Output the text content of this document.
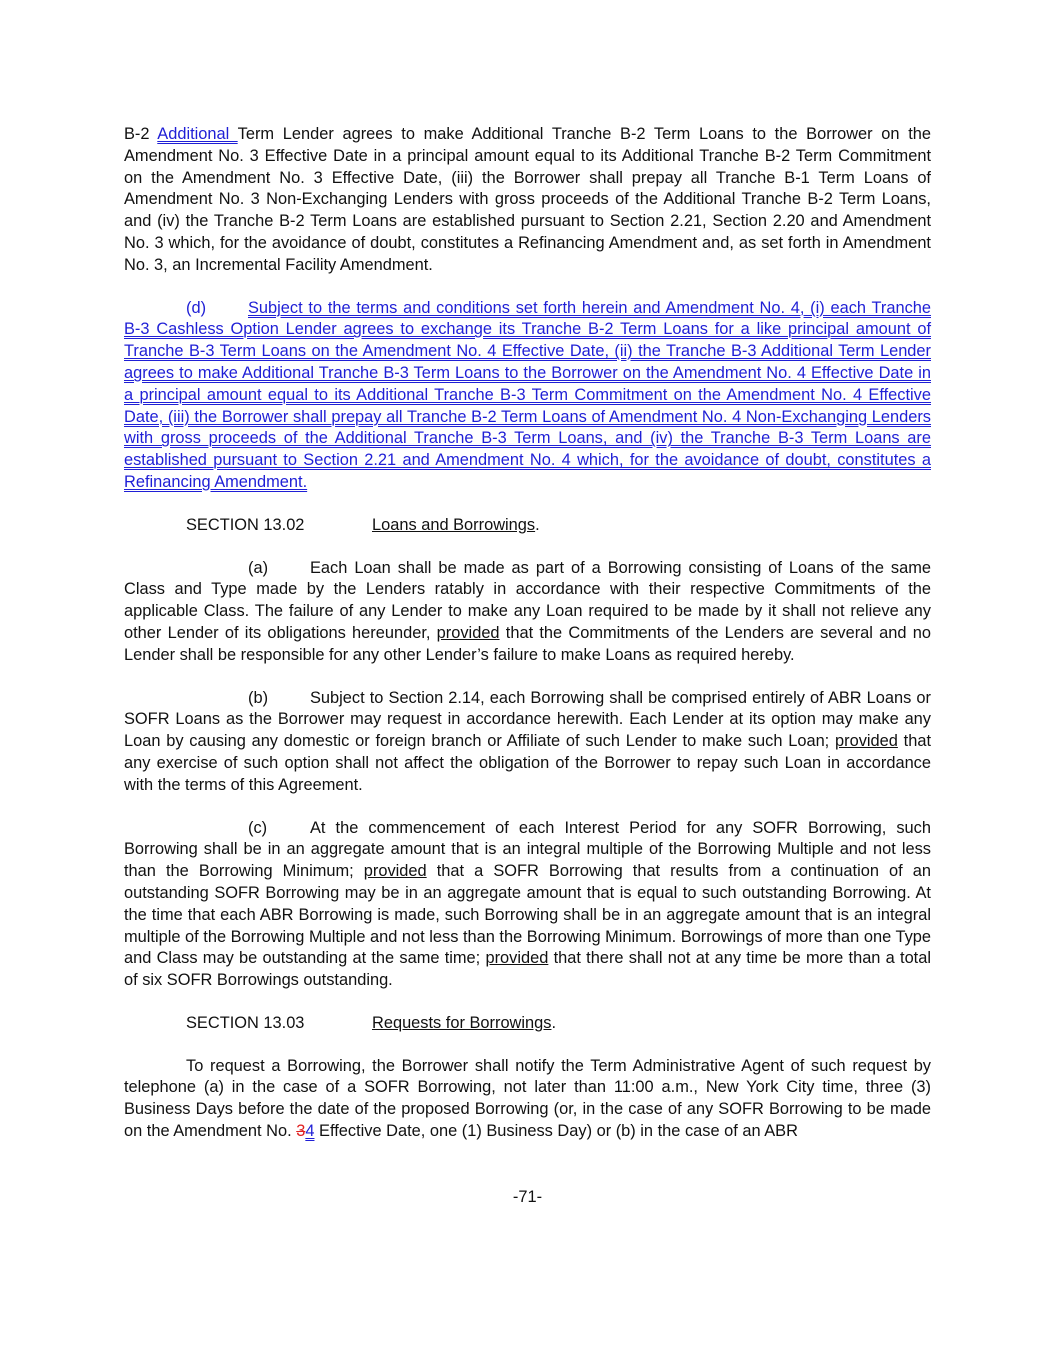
B-2 Additional Term Lender agrees to make Additional Tranche B-2 Term Loans to the Borrower on the Amendment No. 3 Effective Date in a principal amount equal to its Additional Tranche B-2 Term Commitment on the Amendment No. 3 Effective Date, (iii) the Borrower shall prepay all Tranche B-1 Term Loans of Amendment No. 3 Non-Exchanging Lenders with gross proceeds of the Additional Tranche B-2 Term Loans, and (iv) the Tranche B-2 Term Loans are established pursuant to Section 2.21, Section 2.20 and Amendment No. 3 which, for the avoidance of doubt, constitutes a Refinancing Amendment and, as set forth in Amendment No. 3, an Incremental Facility Amendment.

(d)	Subject to the terms and conditions set forth herein and Amendment No. 4, (i) each Tranche B-3 Cashless Option Lender agrees to exchange its Tranche B-2 Term Loans for a like principal amount of Tranche B-3 Term Loans on the Amendment No. 4 Effective Date, (ii) the Tranche B-3 Additional Term Lender agrees to make Additional Tranche B-3 Term Loans to the Borrower on the Amendment No. 4 Effective Date in a principal amount equal to its Additional Tranche B-3 Term Commitment on the Amendment No. 4 Effective Date, (iii) the Borrower shall prepay all Tranche B-2 Term Loans of Amendment No. 4 Non-Exchanging Lenders with gross proceeds of the Additional Tranche B-3 Term Loans, and (iv) the Tranche B-3 Term Loans are established pursuant to Section 2.21 and Amendment No. 4 which, for the avoidance of doubt, constitutes a Refinancing Amendment.

SECTION 13.02	Loans and Borrowings.

(a)	Each Loan shall be made as part of a Borrowing consisting of Loans of the same Class and Type made by the Lenders ratably in accordance with their respective Commitments of the applicable Class. The failure of any Lender to make any Loan required to be made by it shall not relieve any other Lender of its obligations hereunder, provided that the Commitments of the Lenders are several and no Lender shall be responsible for any other Lender’s failure to make Loans as required hereby.

(b)	Subject to Section 2.14, each Borrowing shall be comprised entirely of ABR Loans or SOFR Loans as the Borrower may request in accordance herewith. Each Lender at its option may make any Loan by causing any domestic or foreign branch or Affiliate of such Lender to make such Loan; provided that any exercise of such option shall not affect the obligation of the Borrower to repay such Loan in accordance with the terms of this Agreement.

(c)	At the commencement of each Interest Period for any SOFR Borrowing, such Borrowing shall be in an aggregate amount that is an integral multiple of the Borrowing Multiple and not less than the Borrowing Minimum; provided that a SOFR Borrowing that results from a continuation of an outstanding SOFR Borrowing may be in an aggregate amount that is equal to such outstanding Borrowing. At the time that each ABR Borrowing is made, such Borrowing shall be in an aggregate amount that is an integral multiple of the Borrowing Multiple and not less than the Borrowing Minimum. Borrowings of more than one Type and Class may be outstanding at the same time; provided that there shall not at any time be more than a total of six SOFR Borrowings outstanding.

SECTION 13.03	Requests for Borrowings.

To request a Borrowing, the Borrower shall notify the Term Administrative Agent of such request by telephone (a) in the case of a SOFR Borrowing, not later than 11:00 a.m., New York City time, three (3) Business Days before the date of the proposed Borrowing (or, in the case of any SOFR Borrowing to be made on the Amendment No. 34 Effective Date, one (1) Business Day) or (b) in the case of an ABR

-71-
